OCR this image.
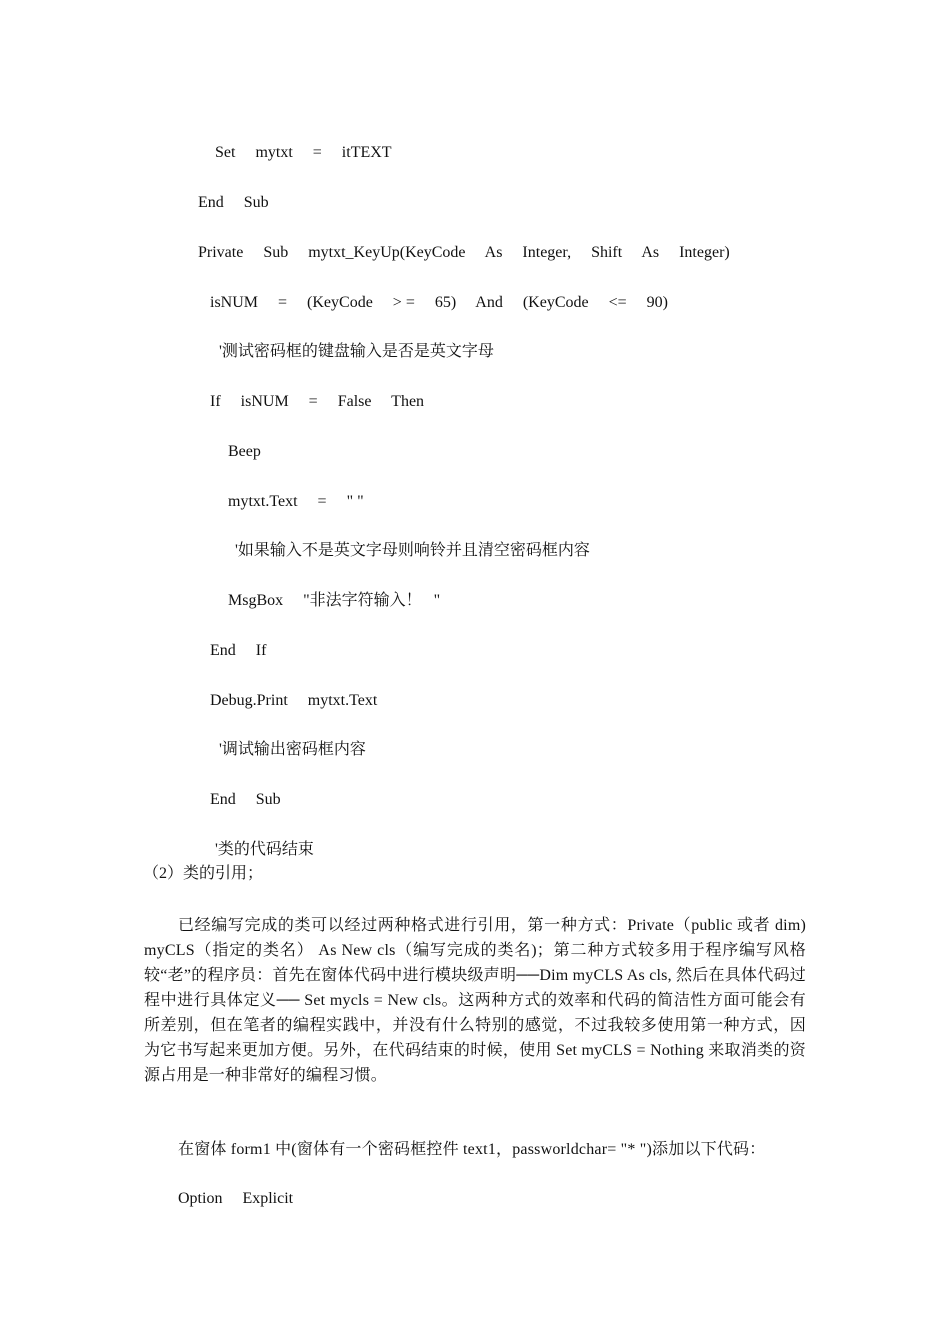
Set     mytxt     =     itTEXT
End     Sub
Private     Sub     mytxt_KeyUp(KeyCode     As     Integer,     Shift     As     Integer)
isNUM     =     (KeyCode     > =     65)     And     (KeyCode     <=     90)
'测试密码框的键盘输入是否是英文字母
If     isNUM     =     False     Then
Beep
mytxt.Text     =     " "
'如果输入不是英文字母则响铃并且清空密码框内容
MsgBox     "非法字符输入！   "
End     If
Debug.Print     mytxt.Text
'调试输出密码框内容
End     Sub
'类的代码结束
（2）类的引用；

已经编写完成的类可以经过两种格式进行引用，第一种方式：Private（public 或者 dim) myCLS（指定的类名） As New cls（编写完成的类名)；第二种方式较多用于程序编写风格较“老”的程序员：首先在窗体代码中进行模块级声明──Dim myCLS As cls, 然后在具体代码过程中进行具体定义── Set mycls = New cls。这两种方式的效率和代码的简洁性方面可能会有所差别，但在笔者的编程实践中，并没有什么特别的感觉，不过我较多使用第一种方式，因为它书写起来更加方便。另外，在代码结束的时候，使用 Set myCLS = Nothing 来取消类的资源占用是一种非常好的编程习惯。

在窗体 form1 中(窗体有一个密码框控件 text1，passworldchar= "* ")添加以下代码：

Option     Explicit
